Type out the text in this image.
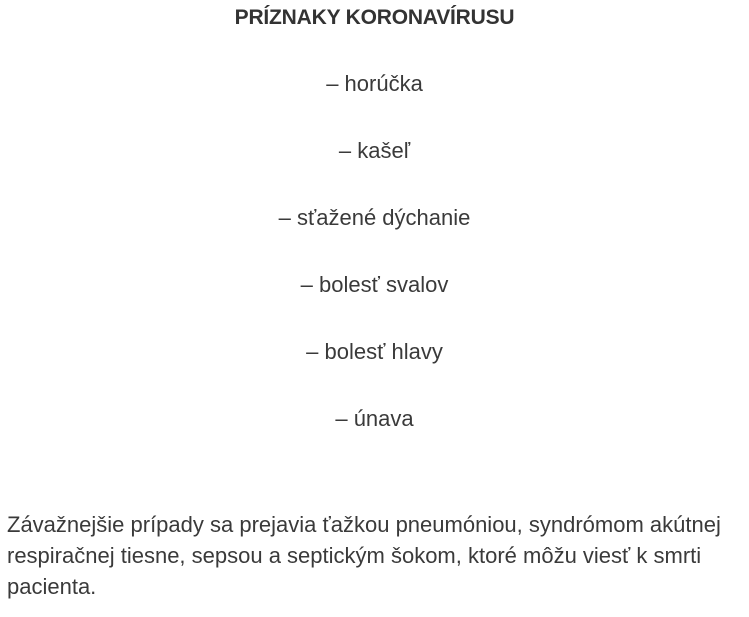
PRÍZNAKY KORONAVÍRUSU
– horúčka
– kašeľ
– sťažené dýchanie
– bolesť svalov
– bolesť hlavy
– únava

Závažnejšie prípady sa prejavia ťažkou pneumóniou, syndrómom akútnej respiračnej tiesne, sepsou a septickým šokom, ktoré môžu viesť k smrti pacienta.
